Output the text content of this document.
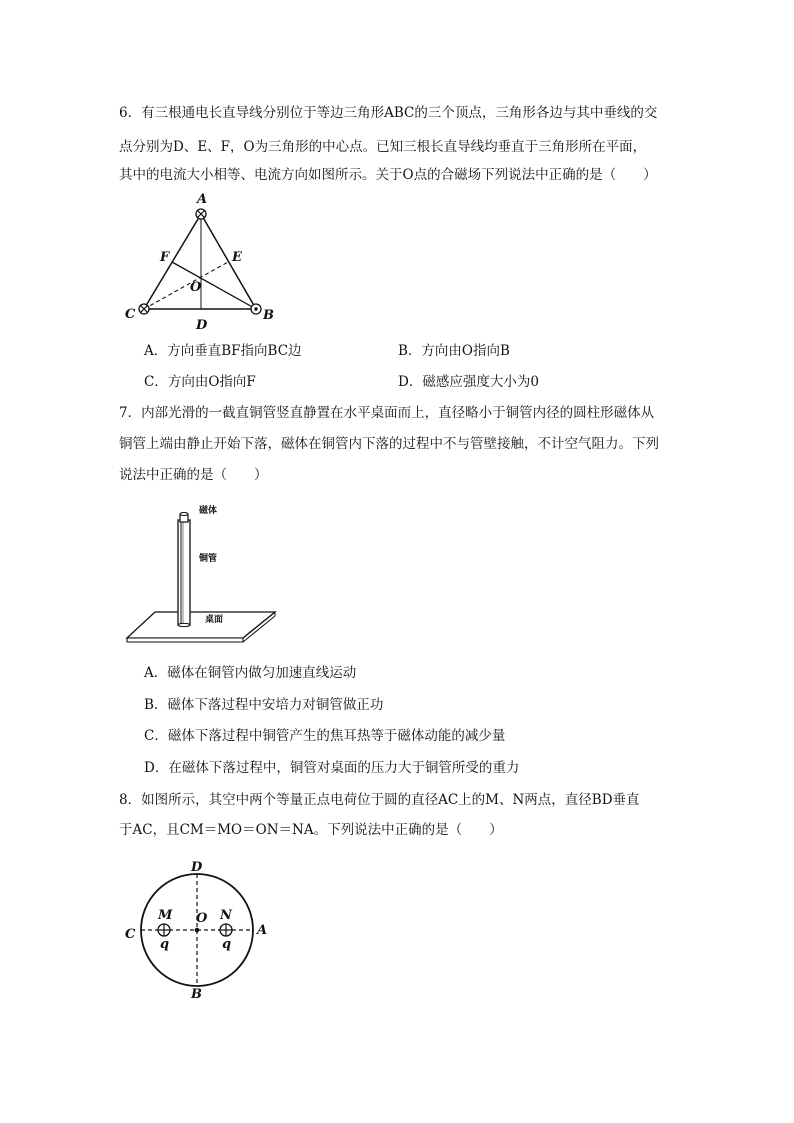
6．有三根通电长直导线分别位于等边三角形ABC的三个顶点，三角形各边与其中垂线的交
点分别为D、E、F，O为三角形的中心点。已知三根长直导线均垂直于三角形所在平面，
其中的电流大小相等、电流方向如图所示。关于O点的合磁场下列说法中正确的是（　　）
A
C	B
D
E
F
O
A．方向垂直BF指向BC边	B．方向由O指向B
C．方向由O指向F	D．磁感应强度大小为0
7．内部光滑的一截直铜管竖直静置在水平桌面而上，直径略小于铜管内径的圆柱形磁体从
铜管上端由静止开始下落，磁体在铜管内下落的过程中不与管壁接触，不计空气阻力。下列
说法中正确的是（　　）
磁体
铜管
桌面
A．磁体在铜管内做匀加速直线运动
B．磁体下落过程中安培力对铜管做正功
C．磁体下落过程中铜管产生的焦耳热等于磁体动能的减少量
D．在磁体下落过程中，铜管对桌面的压力大于铜管所受的重力
8．如图所示，其空中两个等量正点电荷位于圆的直径AC上的M、N两点，直径BD垂直
于AC，且CM＝MO＝ON＝NA。下列说法中正确的是（　　）
D
B
C	A
M	N
O
q	q
